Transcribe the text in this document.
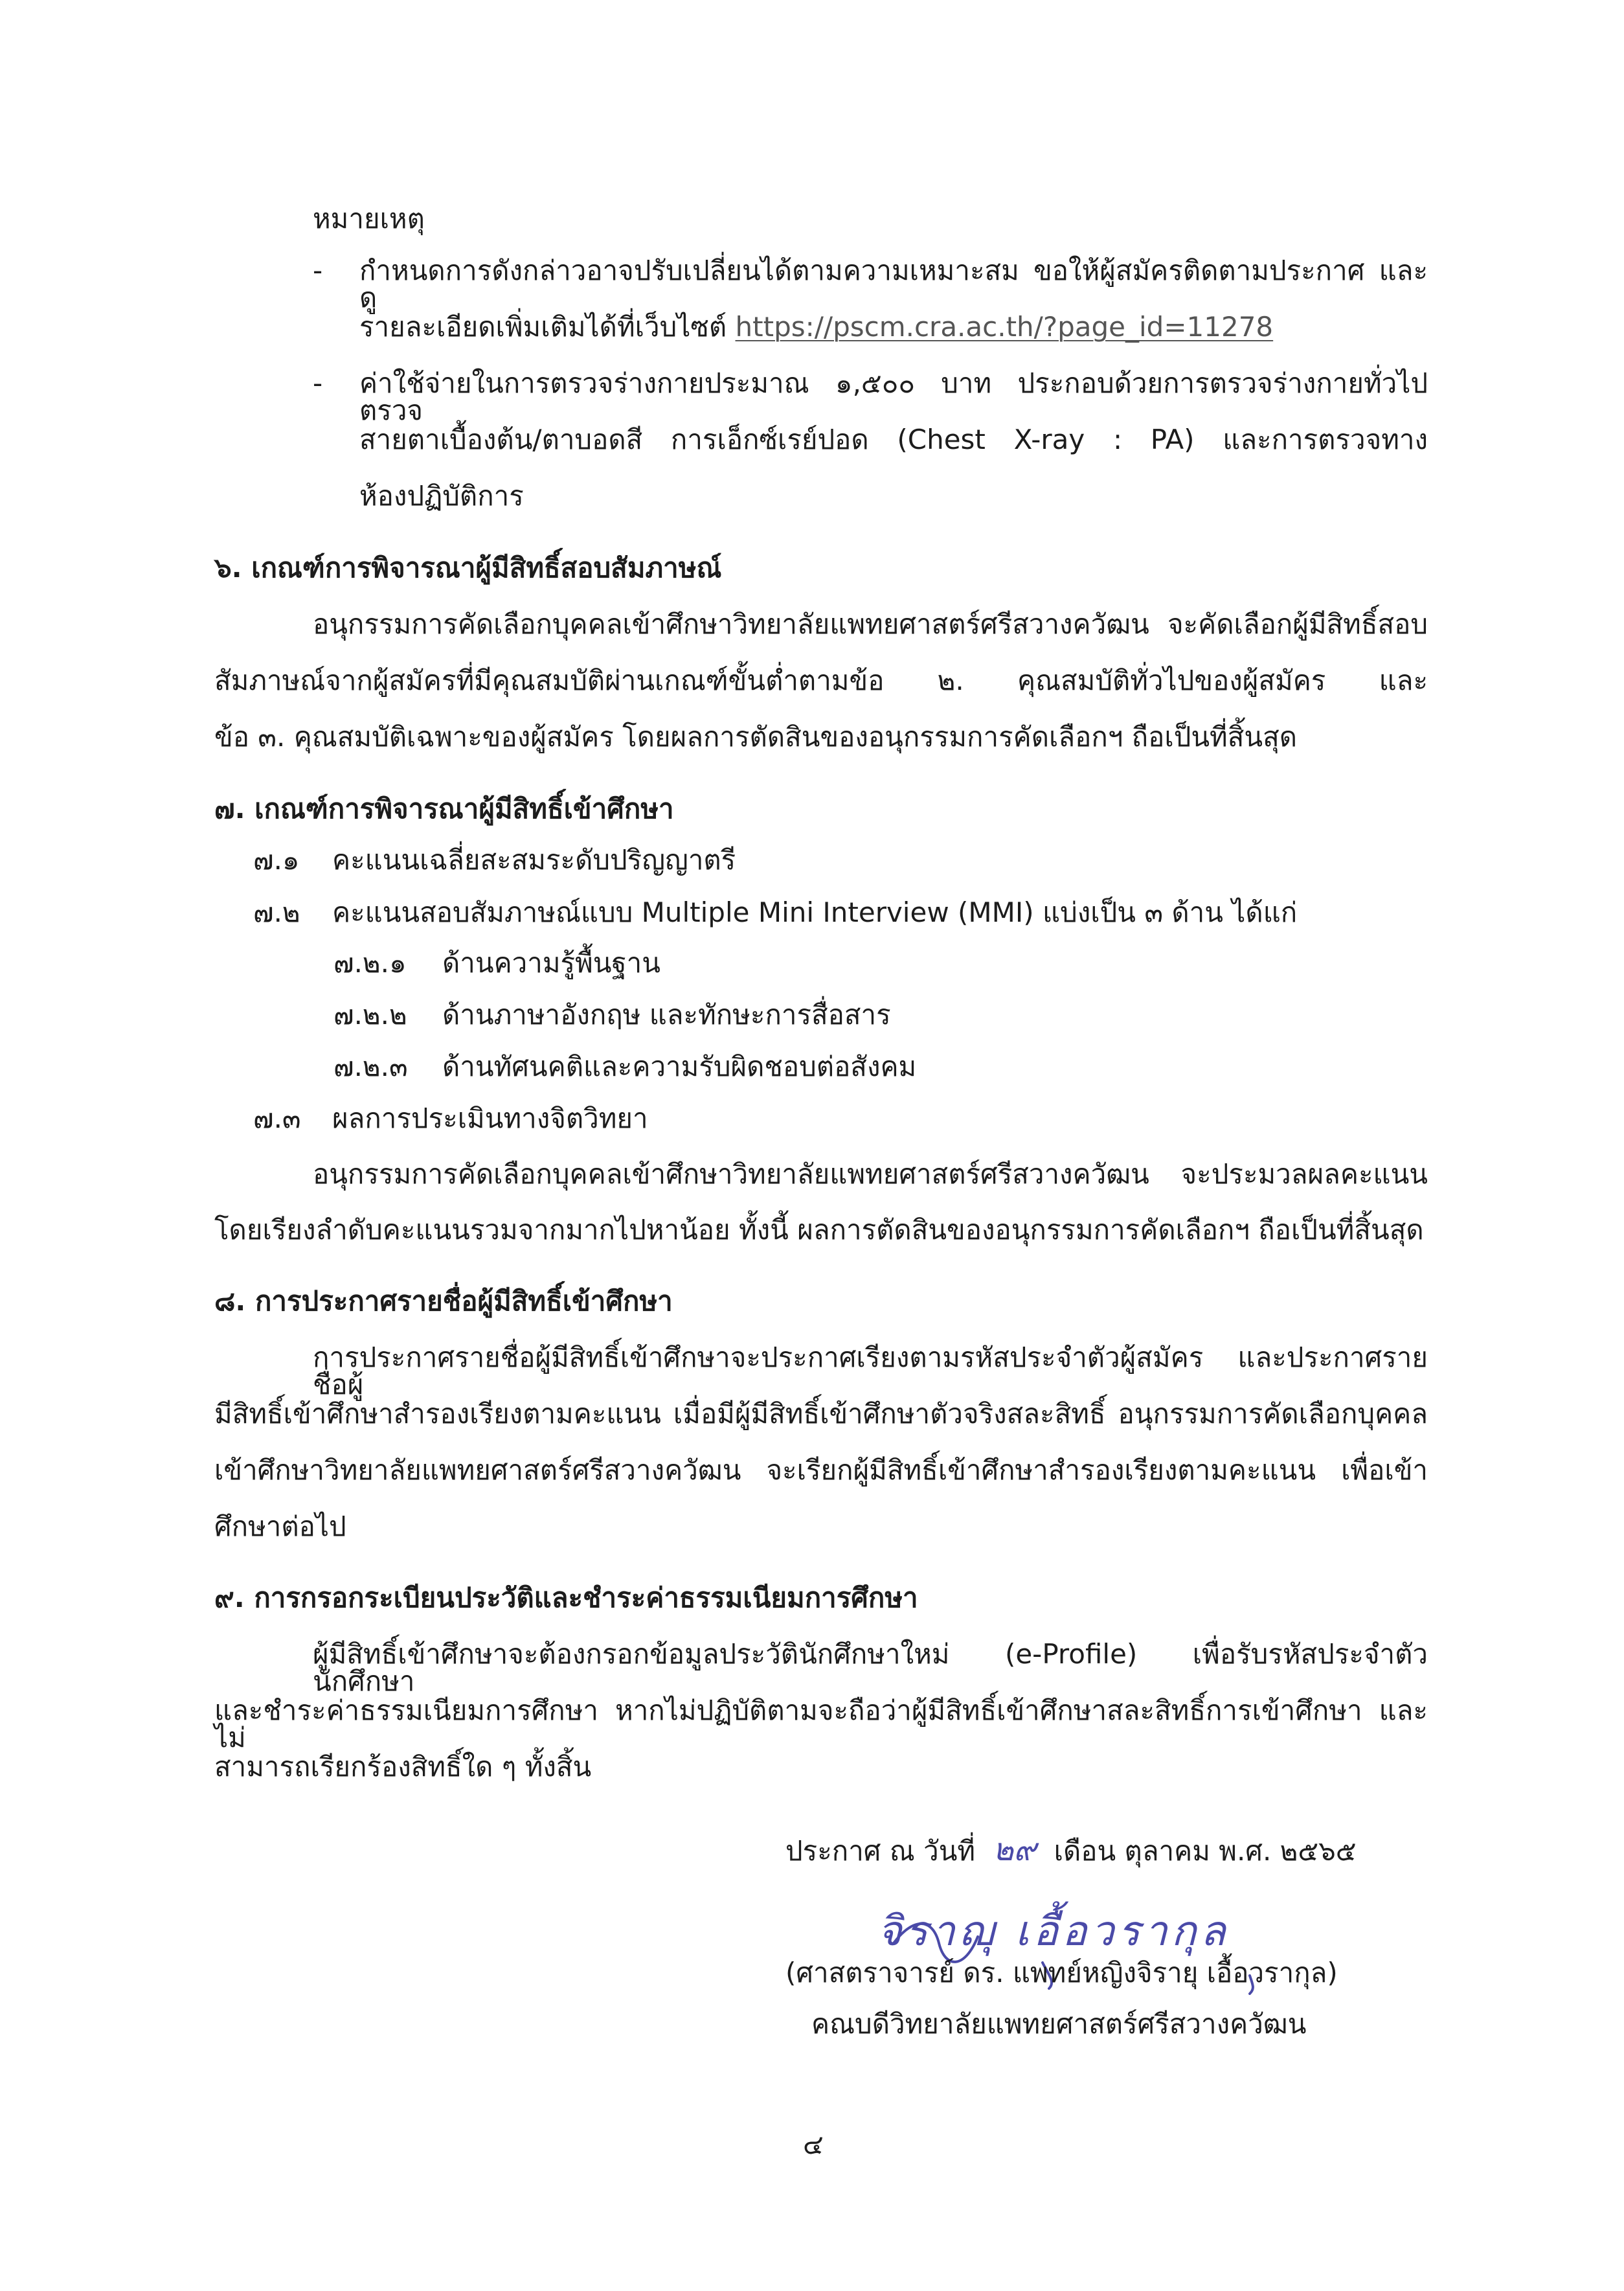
หมายเหตุ
- กำหนดการดังกล่าวอาจปรับเปลี่ยนได้ตามความเหมาะสม ขอให้ผู้สมัครติดตามประกาศ และดู
รายละเอียดเพิ่มเติมได้ที่เว็บไซต์ https://pscm.cra.ac.th/?page_id=11278
- ค่าใช้จ่ายในการตรวจร่างกายประมาณ ๑,๕๐๐ บาท ประกอบด้วยการตรวจร่างกายทั่วไป ตรวจ
สายตาเบื้องต้น/ตาบอดสี การเอ็กซ์เรย์ปอด (Chest X-ray : PA) และการตรวจทาง
ห้องปฏิบัติการ
๖. เกณฑ์การพิจารณาผู้มีสิทธิ์สอบสัมภาษณ์
อนุกรรมการคัดเลือกบุคคลเข้าศึกษาวิทยาลัยแพทยศาสตร์ศรีสวางควัฒน จะคัดเลือกผู้มีสิทธิ์สอบ
สัมภาษณ์จากผู้สมัครที่มีคุณสมบัติผ่านเกณฑ์ขั้นต่ำตามข้อ ๒. คุณสมบัติทั่วไปของผู้สมัคร และ
ข้อ ๓. คุณสมบัติเฉพาะของผู้สมัคร โดยผลการตัดสินของอนุกรรมการคัดเลือกฯ ถือเป็นที่สิ้นสุด
๗. เกณฑ์การพิจารณาผู้มีสิทธิ์เข้าศึกษา
๗.๑ คะแนนเฉลี่ยสะสมระดับปริญญาตรี
๗.๒ คะแนนสอบสัมภาษณ์แบบ Multiple Mini Interview (MMI) แบ่งเป็น ๓ ด้าน ได้แก่
๗.๒.๑ ด้านความรู้พื้นฐาน
๗.๒.๒ ด้านภาษาอังกฤษ และทักษะการสื่อสาร
๗.๒.๓ ด้านทัศนคติและความรับผิดชอบต่อสังคม
๗.๓ ผลการประเมินทางจิตวิทยา
อนุกรรมการคัดเลือกบุคคลเข้าศึกษาวิทยาลัยแพทยศาสตร์ศรีสวางควัฒน จะประมวลผลคะแนน
โดยเรียงลำดับคะแนนรวมจากมากไปหาน้อย ทั้งนี้ ผลการตัดสินของอนุกรรมการคัดเลือกฯ ถือเป็นที่สิ้นสุด
๘. การประกาศรายชื่อผู้มีสิทธิ์เข้าศึกษา
การประกาศรายชื่อผู้มีสิทธิ์เข้าศึกษาจะประกาศเรียงตามรหัสประจำตัวผู้สมัคร และประกาศรายชื่อผู้
มีสิทธิ์เข้าศึกษาสำรองเรียงตามคะแนน เมื่อมีผู้มีสิทธิ์เข้าศึกษาตัวจริงสละสิทธิ์ อนุกรรมการคัดเลือกบุคคล
เข้าศึกษาวิทยาลัยแพทยศาสตร์ศรีสวางควัฒน จะเรียกผู้มีสิทธิ์เข้าศึกษาสำรองเรียงตามคะแนน เพื่อเข้า
ศึกษาต่อไป
๙. การกรอกระเบียนประวัติและชำระค่าธรรมเนียมการศึกษา
ผู้มีสิทธิ์เข้าศึกษาจะต้องกรอกข้อมูลประวัตินักศึกษาใหม่ (e-Profile) เพื่อรับรหัสประจำตัวนักศึกษา
และชำระค่าธรรมเนียมการศึกษา หากไม่ปฏิบัติตามจะถือว่าผู้มีสิทธิ์เข้าศึกษาสละสิทธิ์การเข้าศึกษา และไม่
สามารถเรียกร้องสิทธิ์ใด ๆ ทั้งสิ้น
ประกาศ ณ วันที่ ๒๙ เดือน ตุลาคม พ.ศ. ๒๕๖๕
จิราญุ เอื้อวรากุล
(ศาสตราจารย์ ดร. แพทย์หญิงจิรายุ เอื้อวรากุล)
คณบดีวิทยาลัยแพทยศาสตร์ศรีสวางควัฒน
๔
